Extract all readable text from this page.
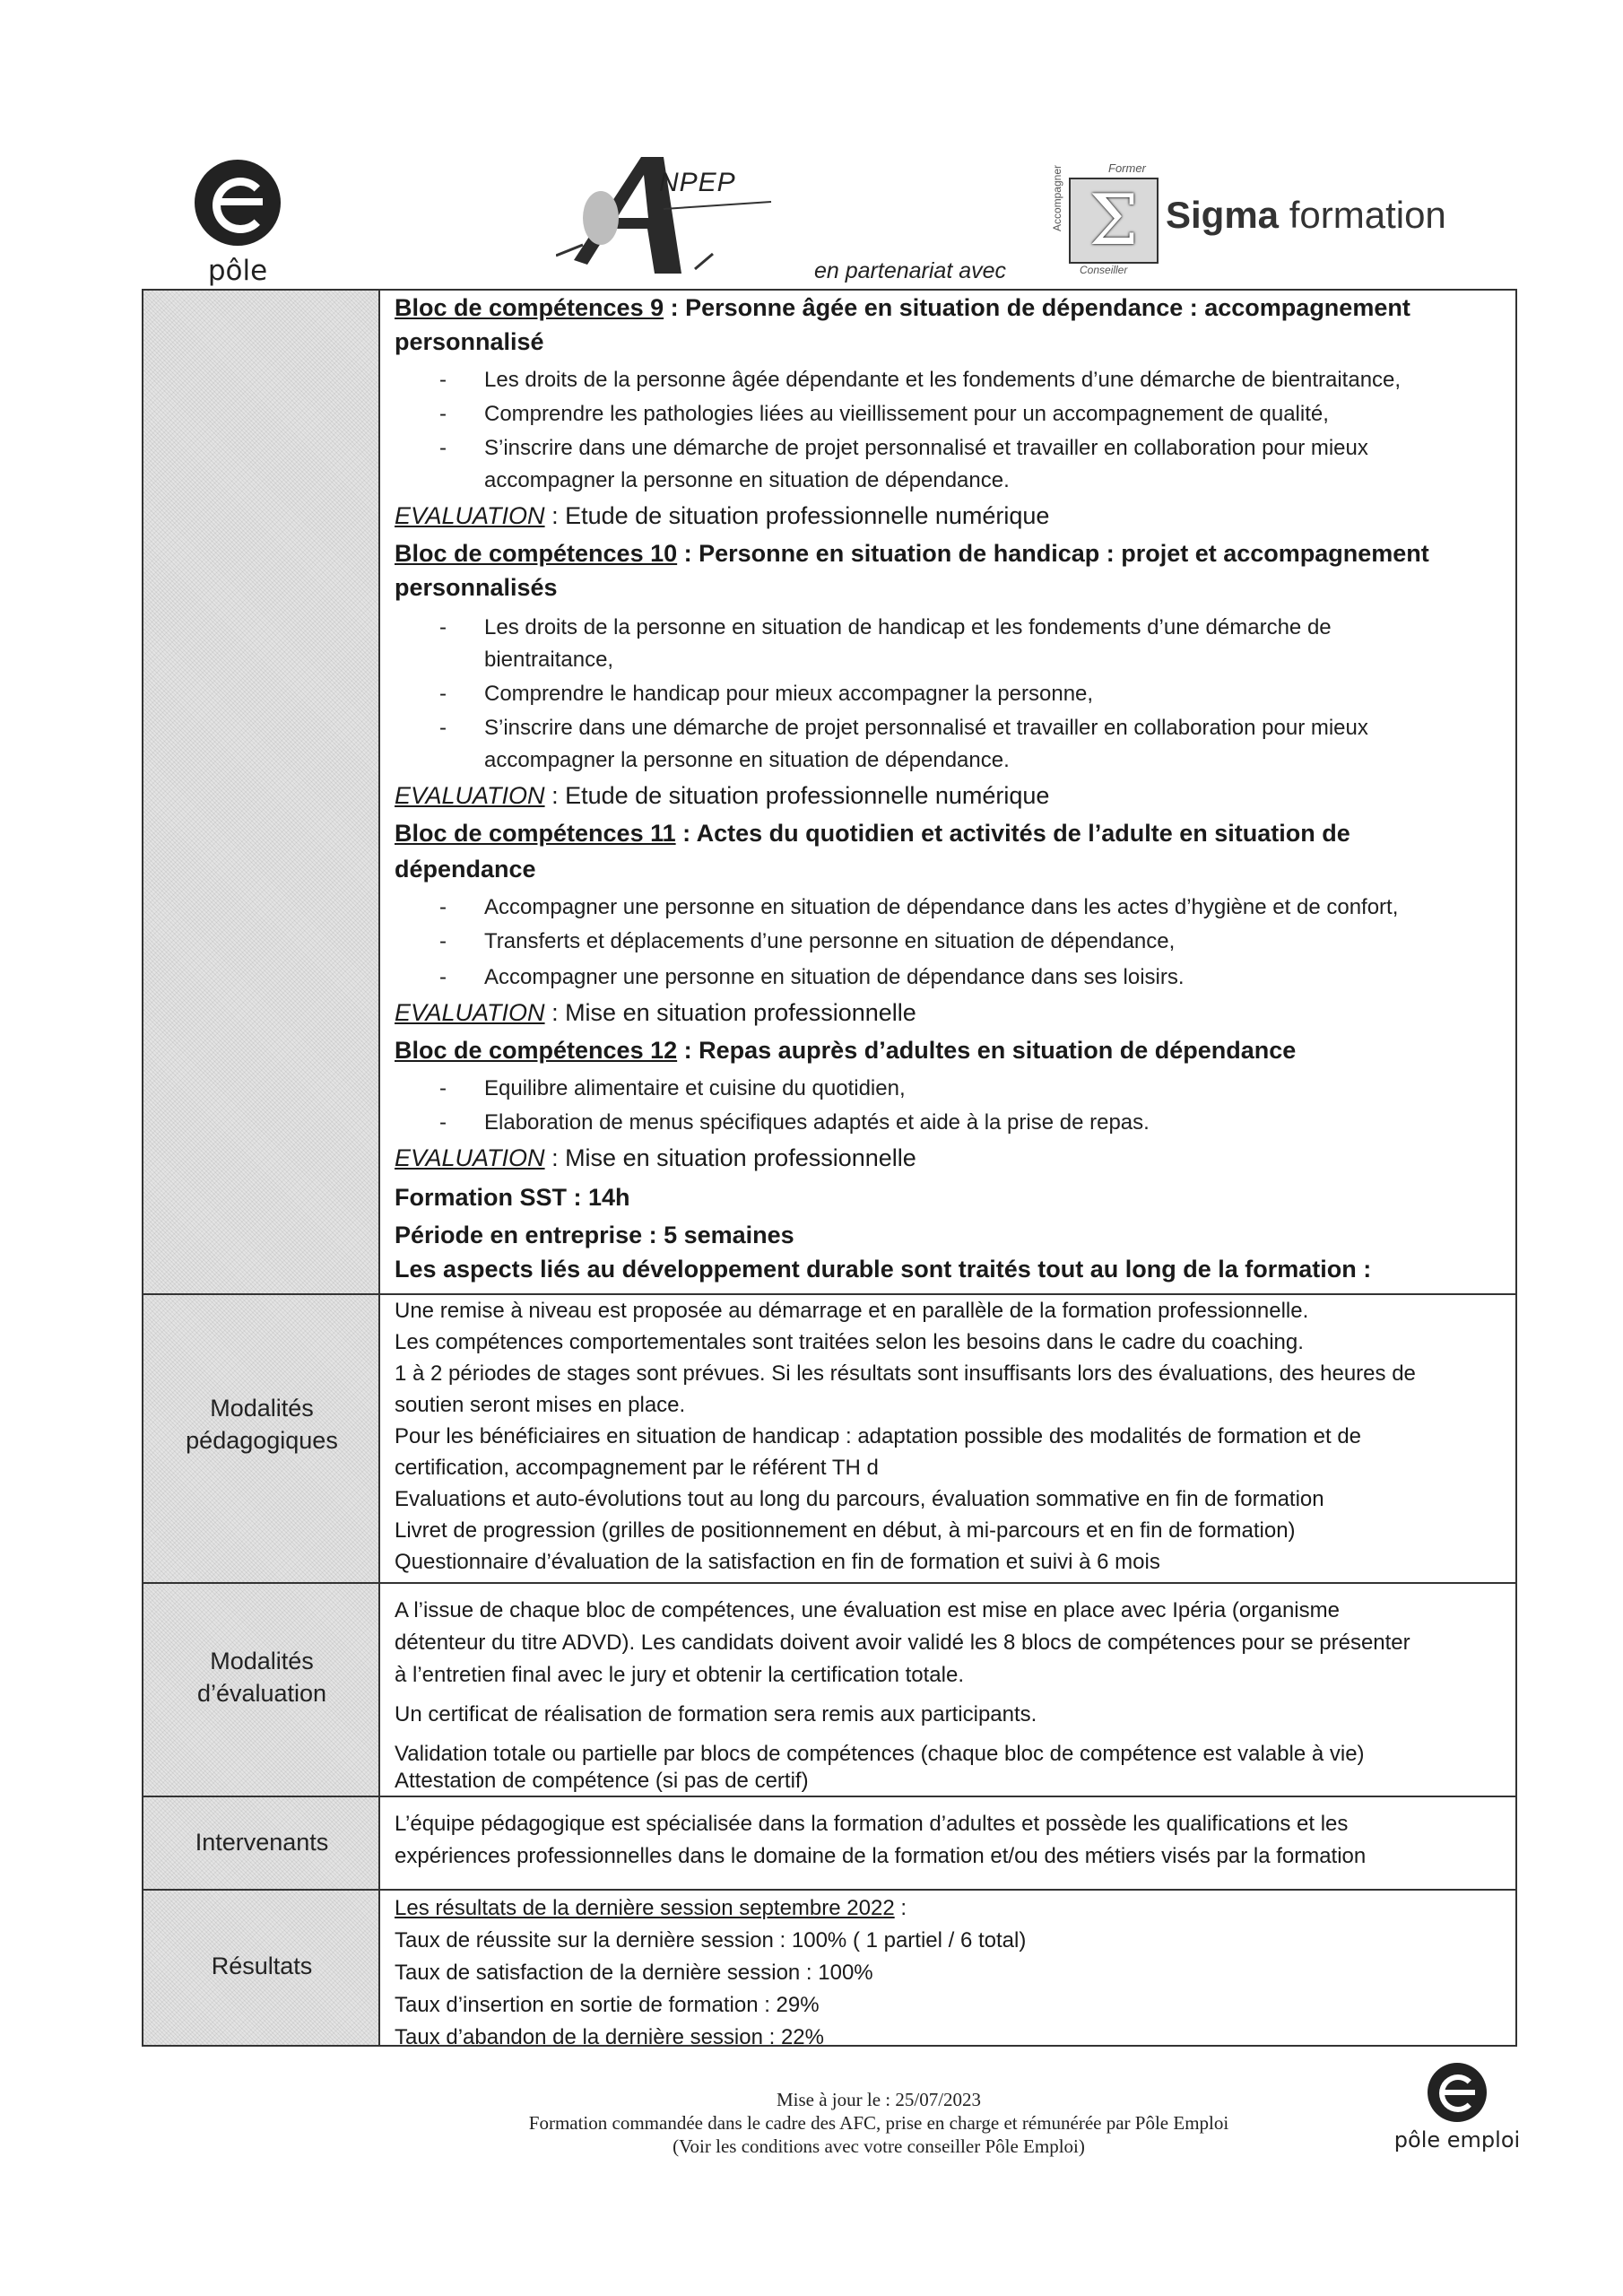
pôle
NPEP	Former
Accompagner Σ
Conseiller
Sigma formation
en partenariat avec
Modalités
pédagogiques
Modalités
d’évaluation
Intervenants
Résultats
Bloc de compétences 9 : Personne âgée en situation de dépendance : accompagnement
personnalisé
- Les droits de la personne âgée dépendante et les fondements d’une démarche de bientraitance,
- Comprendre les pathologies liées au vieillissement pour un accompagnement de qualité,
- S’inscrire dans une démarche de projet personnalisé et travailler en collaboration pour mieux
accompagner la personne en situation de dépendance.
EVALUATION : Etude de situation professionnelle numérique
Bloc de compétences 10 : Personne en situation de handicap : projet et accompagnement
personnalisés
- Les droits de la personne en situation de handicap et les fondements d’une démarche de
bientraitance,
- Comprendre le handicap pour mieux accompagner la personne,
- S’inscrire dans une démarche de projet personnalisé et travailler en collaboration pour mieux
accompagner la personne en situation de dépendance.
EVALUATION : Etude de situation professionnelle numérique
Bloc de compétences 11 : Actes du quotidien et activités de l’adulte en situation de
dépendance
- Accompagner une personne en situation de dépendance dans les actes d’hygiène et de confort,
- Transferts et déplacements d’une personne en situation de dépendance,
- Accompagner une personne en situation de dépendance dans ses loisirs.
EVALUATION : Mise en situation professionnelle
Bloc de compétences 12 : Repas auprès d’adultes en situation de dépendance
- Equilibre alimentaire et cuisine du quotidien,
- Elaboration de menus spécifiques adaptés et aide à la prise de repas.
EVALUATION : Mise en situation professionnelle
Formation SST : 14h
Période en entreprise : 5 semaines
Les aspects liés au développement durable sont traités tout au long de la formation :
Une remise à niveau est proposée au démarrage et en parallèle de la formation professionnelle.
Les compétences comportementales sont traitées selon les besoins dans le cadre du coaching.
1 à 2 périodes de stages sont prévues. Si les résultats sont insuffisants lors des évaluations, des heures de
soutien seront mises en place.
Pour les bénéficiaires en situation de handicap : adaptation possible des modalités de formation et de
certification, accompagnement par le référent TH d
Evaluations et auto-évolutions tout au long du parcours, évaluation sommative en fin de formation
Livret de progression (grilles de positionnement en début, à mi-parcours et en fin de formation)
Questionnaire d’évaluation de la satisfaction en fin de formation et suivi à 6 mois
A l’issue de chaque bloc de compétences, une évaluation est mise en place avec Ipéria (organisme
détenteur du titre ADVD). Les candidats doivent avoir validé les 8 blocs de compétences pour se présenter
à l’entretien final avec le jury et obtenir la certification totale.
Un certificat de réalisation de formation sera remis aux participants.
Validation totale ou partielle par blocs de compétences (chaque bloc de compétence est valable à vie)
Attestation de compétence (si pas de certif)
L’équipe pédagogique est spécialisée dans la formation d’adultes et possède les qualifications et les
expériences professionnelles dans le domaine de la formation et/ou des métiers visés par la formation
Les résultats de la dernière session septembre 2022 :
Taux de réussite sur la dernière session : 100% ( 1 partiel / 6 total)
Taux de satisfaction de la dernière session : 100%
Taux d’insertion en sortie de formation : 29%
Taux d’abandon de la dernière session : 22%
Mise à jour le : 25/07/2023
Formation commandée dans le cadre des AFC, prise en charge et rémunérée par Pôle Emploi
(Voir les conditions avec votre conseiller Pôle Emploi)	pôle emploi
